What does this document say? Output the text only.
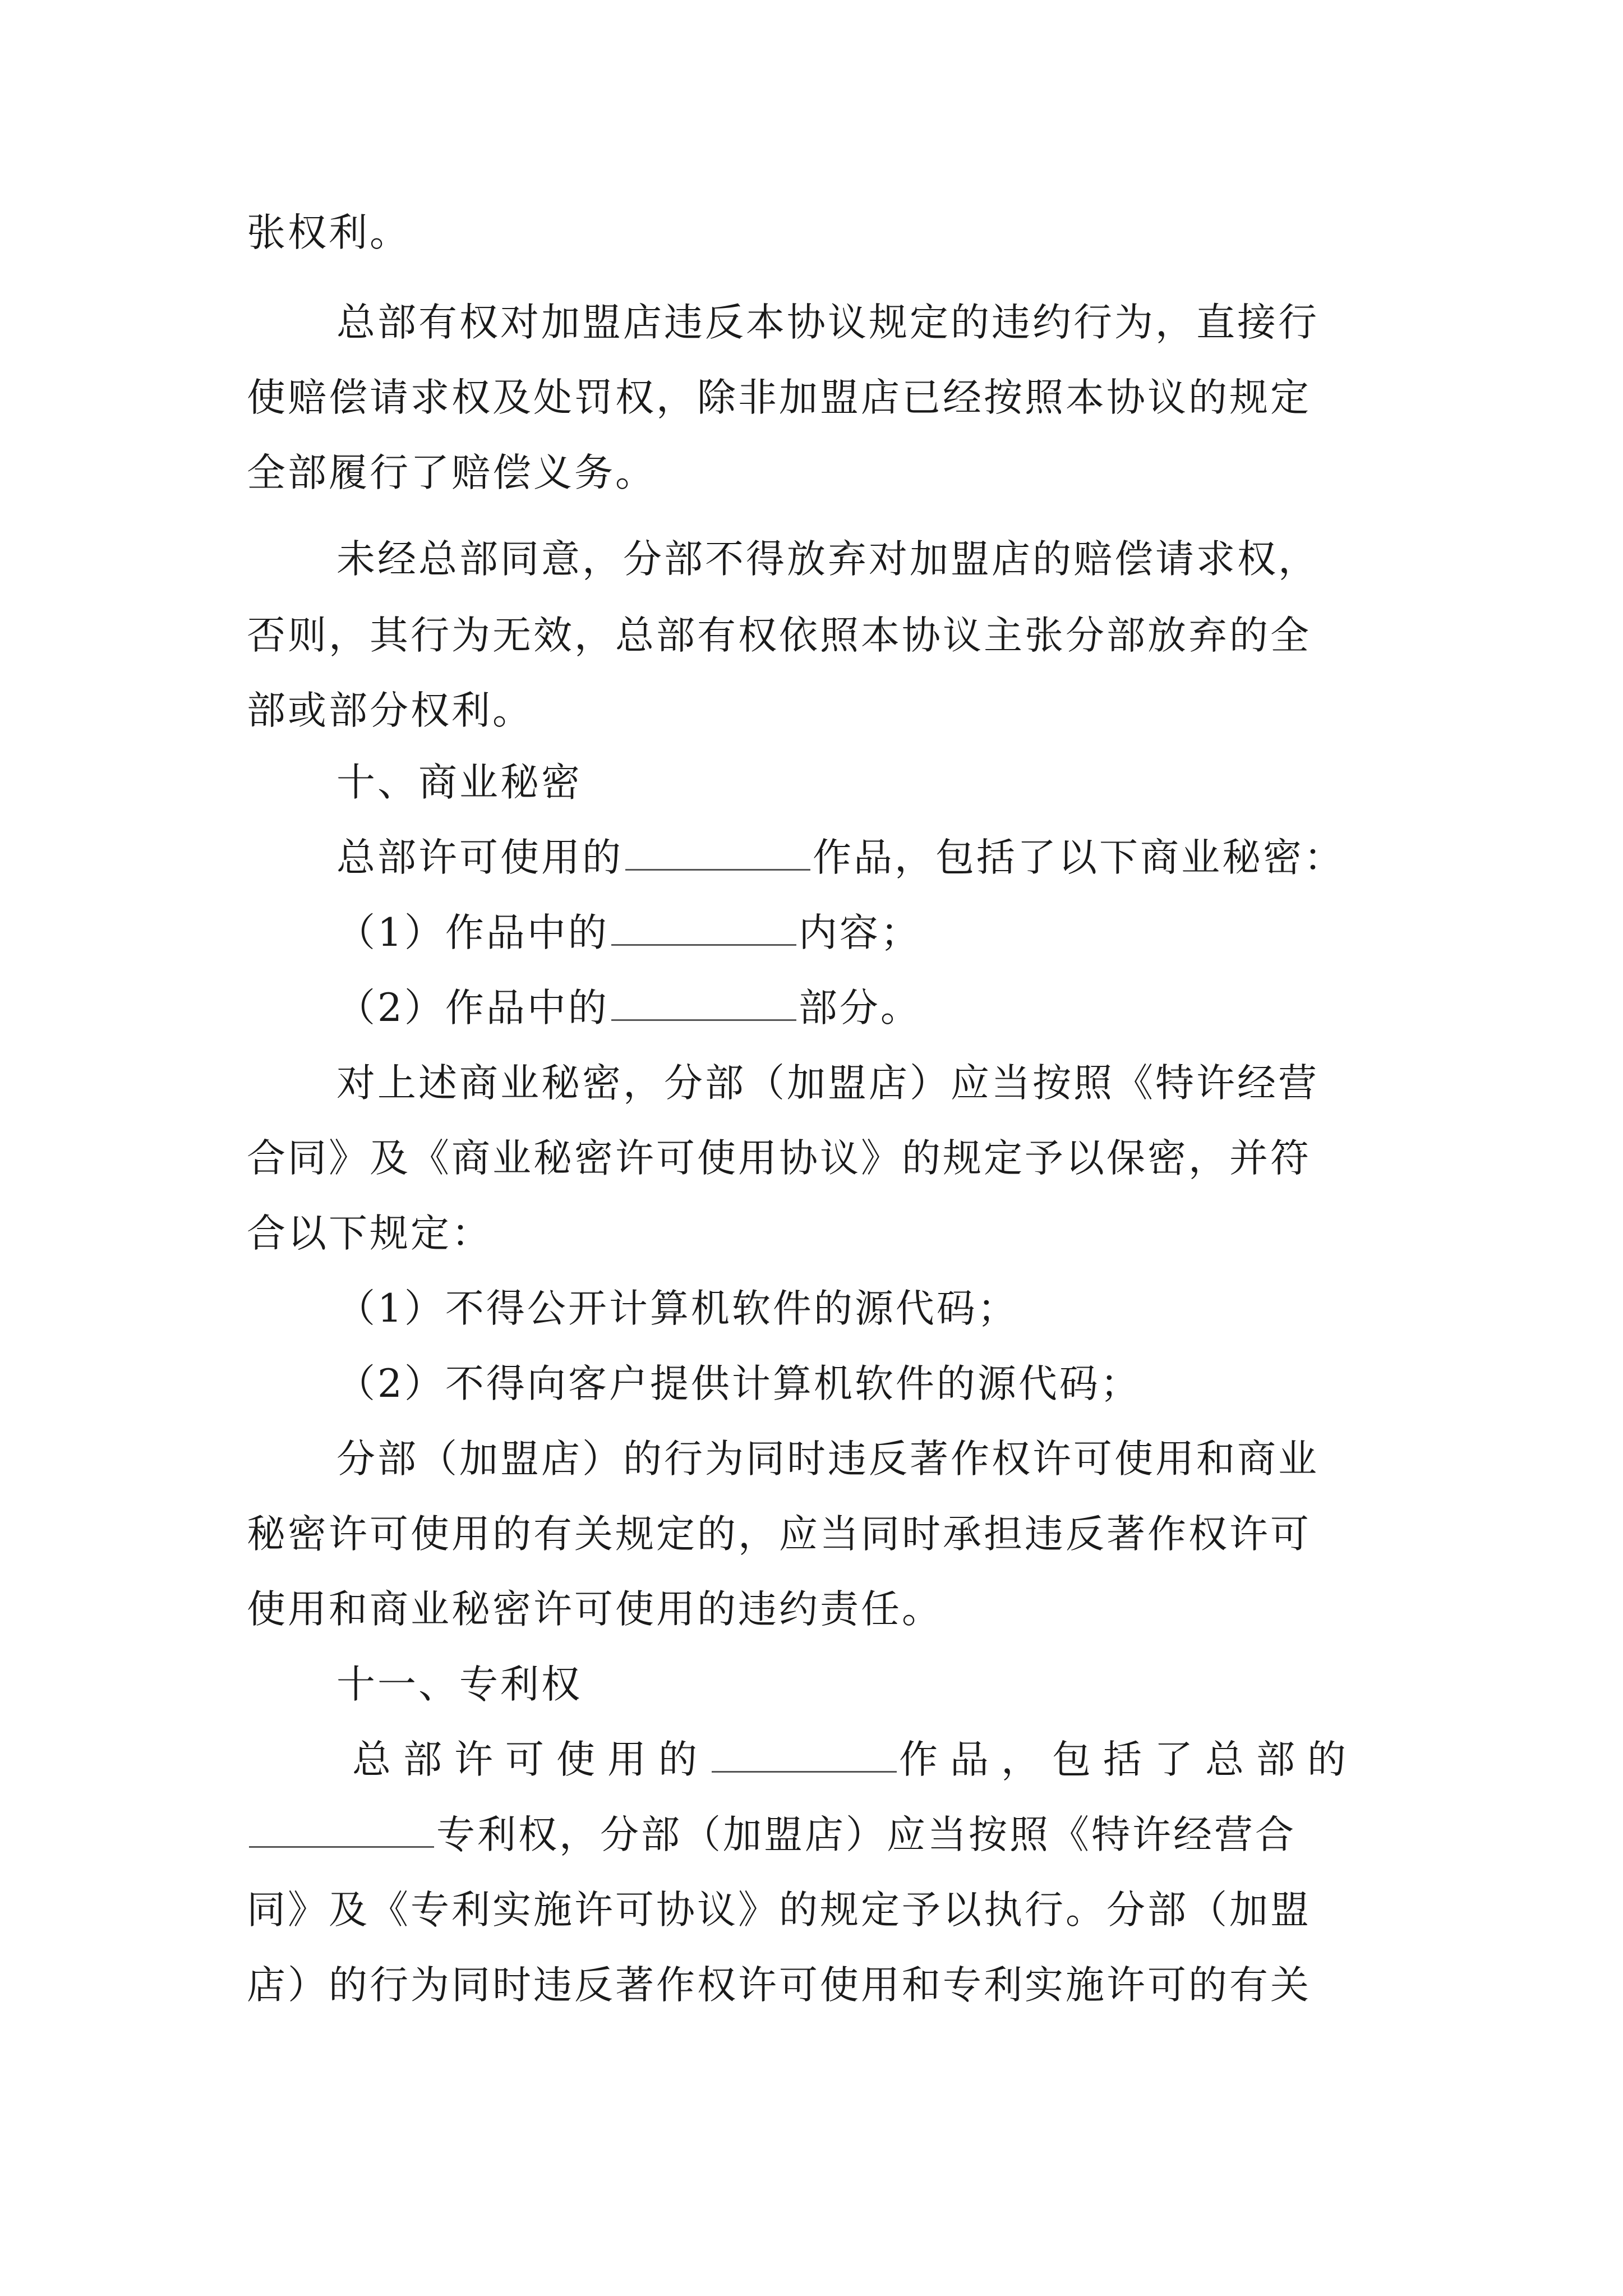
张权利。
总部有权对加盟店违反本协议规定的违约行为，直接行
使赔偿请求权及处罚权，除非加盟店已经按照本协议的规定
全部履行了赔偿义务。
未经总部同意，分部不得放弃对加盟店的赔偿请求权，
否则，其行为无效，总部有权依照本协议主张分部放弃的全
部或部分权利。
十、商业秘密
总部许可使用的	作品，包括了以下商业秘密：
（1）作品中的	内容；
（2）作品中的	部分。
对上述商业秘密，分部（加盟店）应当按照《特许经营
合同》及《商业秘密许可使用协议》的规定予以保密，并符
合以下规定：
（1）不得公开计算机软件的源代码；
（2）不得向客户提供计算机软件的源代码；
分部（加盟店）的行为同时违反著作权许可使用和商业
秘密许可使用的有关规定的，应当同时承担违反著作权许可
使用和商业秘密许可使用的违约责任。
十一、专利权
总部许可使用的	作品，包括了总部的
专利权，分部（加盟店）应当按照《特许经营合
同》及《专利实施许可协议》的规定予以执行。分部（加盟
店）的行为同时违反著作权许可使用和专利实施许可的有关
